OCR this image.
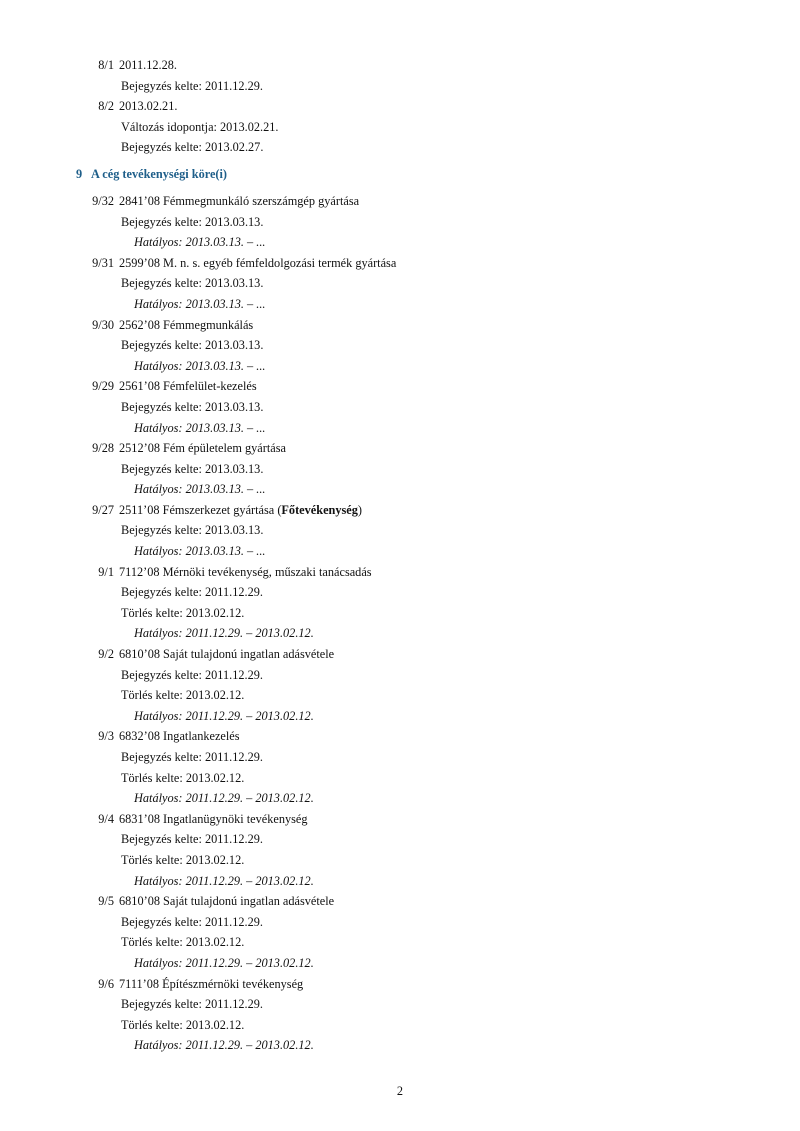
8/1 2011.12.28.
Bejegyzés kelte: 2011.12.29.
8/2 2013.02.21.
Változás idopontja: 2013.02.21.
Bejegyzés kelte: 2013.02.27.
9 A cég tevékenységi köre(i)
9/32 2841’08 Fémmegmunkáló szerszámgép gyártása
Bejegyzés kelte: 2013.03.13.
Hatályos: 2013.03.13. – ...
9/31 2599’08 M. n. s. egyéb fémfeldolgozási termék gyártása
Bejegyzés kelte: 2013.03.13.
Hatályos: 2013.03.13. – ...
9/30 2562’08 Fémmegmunkálás
Bejegyzés kelte: 2013.03.13.
Hatályos: 2013.03.13. – ...
9/29 2561’08 Fémfelület-kezelés
Bejegyzés kelte: 2013.03.13.
Hatályos: 2013.03.13. – ...
9/28 2512’08 Fém épületelem gyártása
Bejegyzés kelte: 2013.03.13.
Hatályos: 2013.03.13. – ...
9/27 2511’08 Fémszerkezet gyártása (Főtevékenység)
Bejegyzés kelte: 2013.03.13.
Hatályos: 2013.03.13. – ...
9/1 7112’08 Mérnöki tevékenység, műszaki tanácsadás
Bejegyzés kelte: 2011.12.29.
Törlés kelte: 2013.02.12.
Hatályos: 2011.12.29. – 2013.02.12.
9/2 6810’08 Saját tulajdonú ingatlan adásvétele
Bejegyzés kelte: 2011.12.29.
Törlés kelte: 2013.02.12.
Hatályos: 2011.12.29. – 2013.02.12.
9/3 6832’08 Ingatlankezelés
Bejegyzés kelte: 2011.12.29.
Törlés kelte: 2013.02.12.
Hatályos: 2011.12.29. – 2013.02.12.
9/4 6831’08 Ingatlanügynöki tevékenység
Bejegyzés kelte: 2011.12.29.
Törlés kelte: 2013.02.12.
Hatályos: 2011.12.29. – 2013.02.12.
9/5 6810’08 Saját tulajdonú ingatlan adásvétele
Bejegyzés kelte: 2011.12.29.
Törlés kelte: 2013.02.12.
Hatályos: 2011.12.29. – 2013.02.12.
9/6 7111’08 Építészmérnöki tevékenység
Bejegyzés kelte: 2011.12.29.
Törlés kelte: 2013.02.12.
Hatályos: 2011.12.29. – 2013.02.12.
2
